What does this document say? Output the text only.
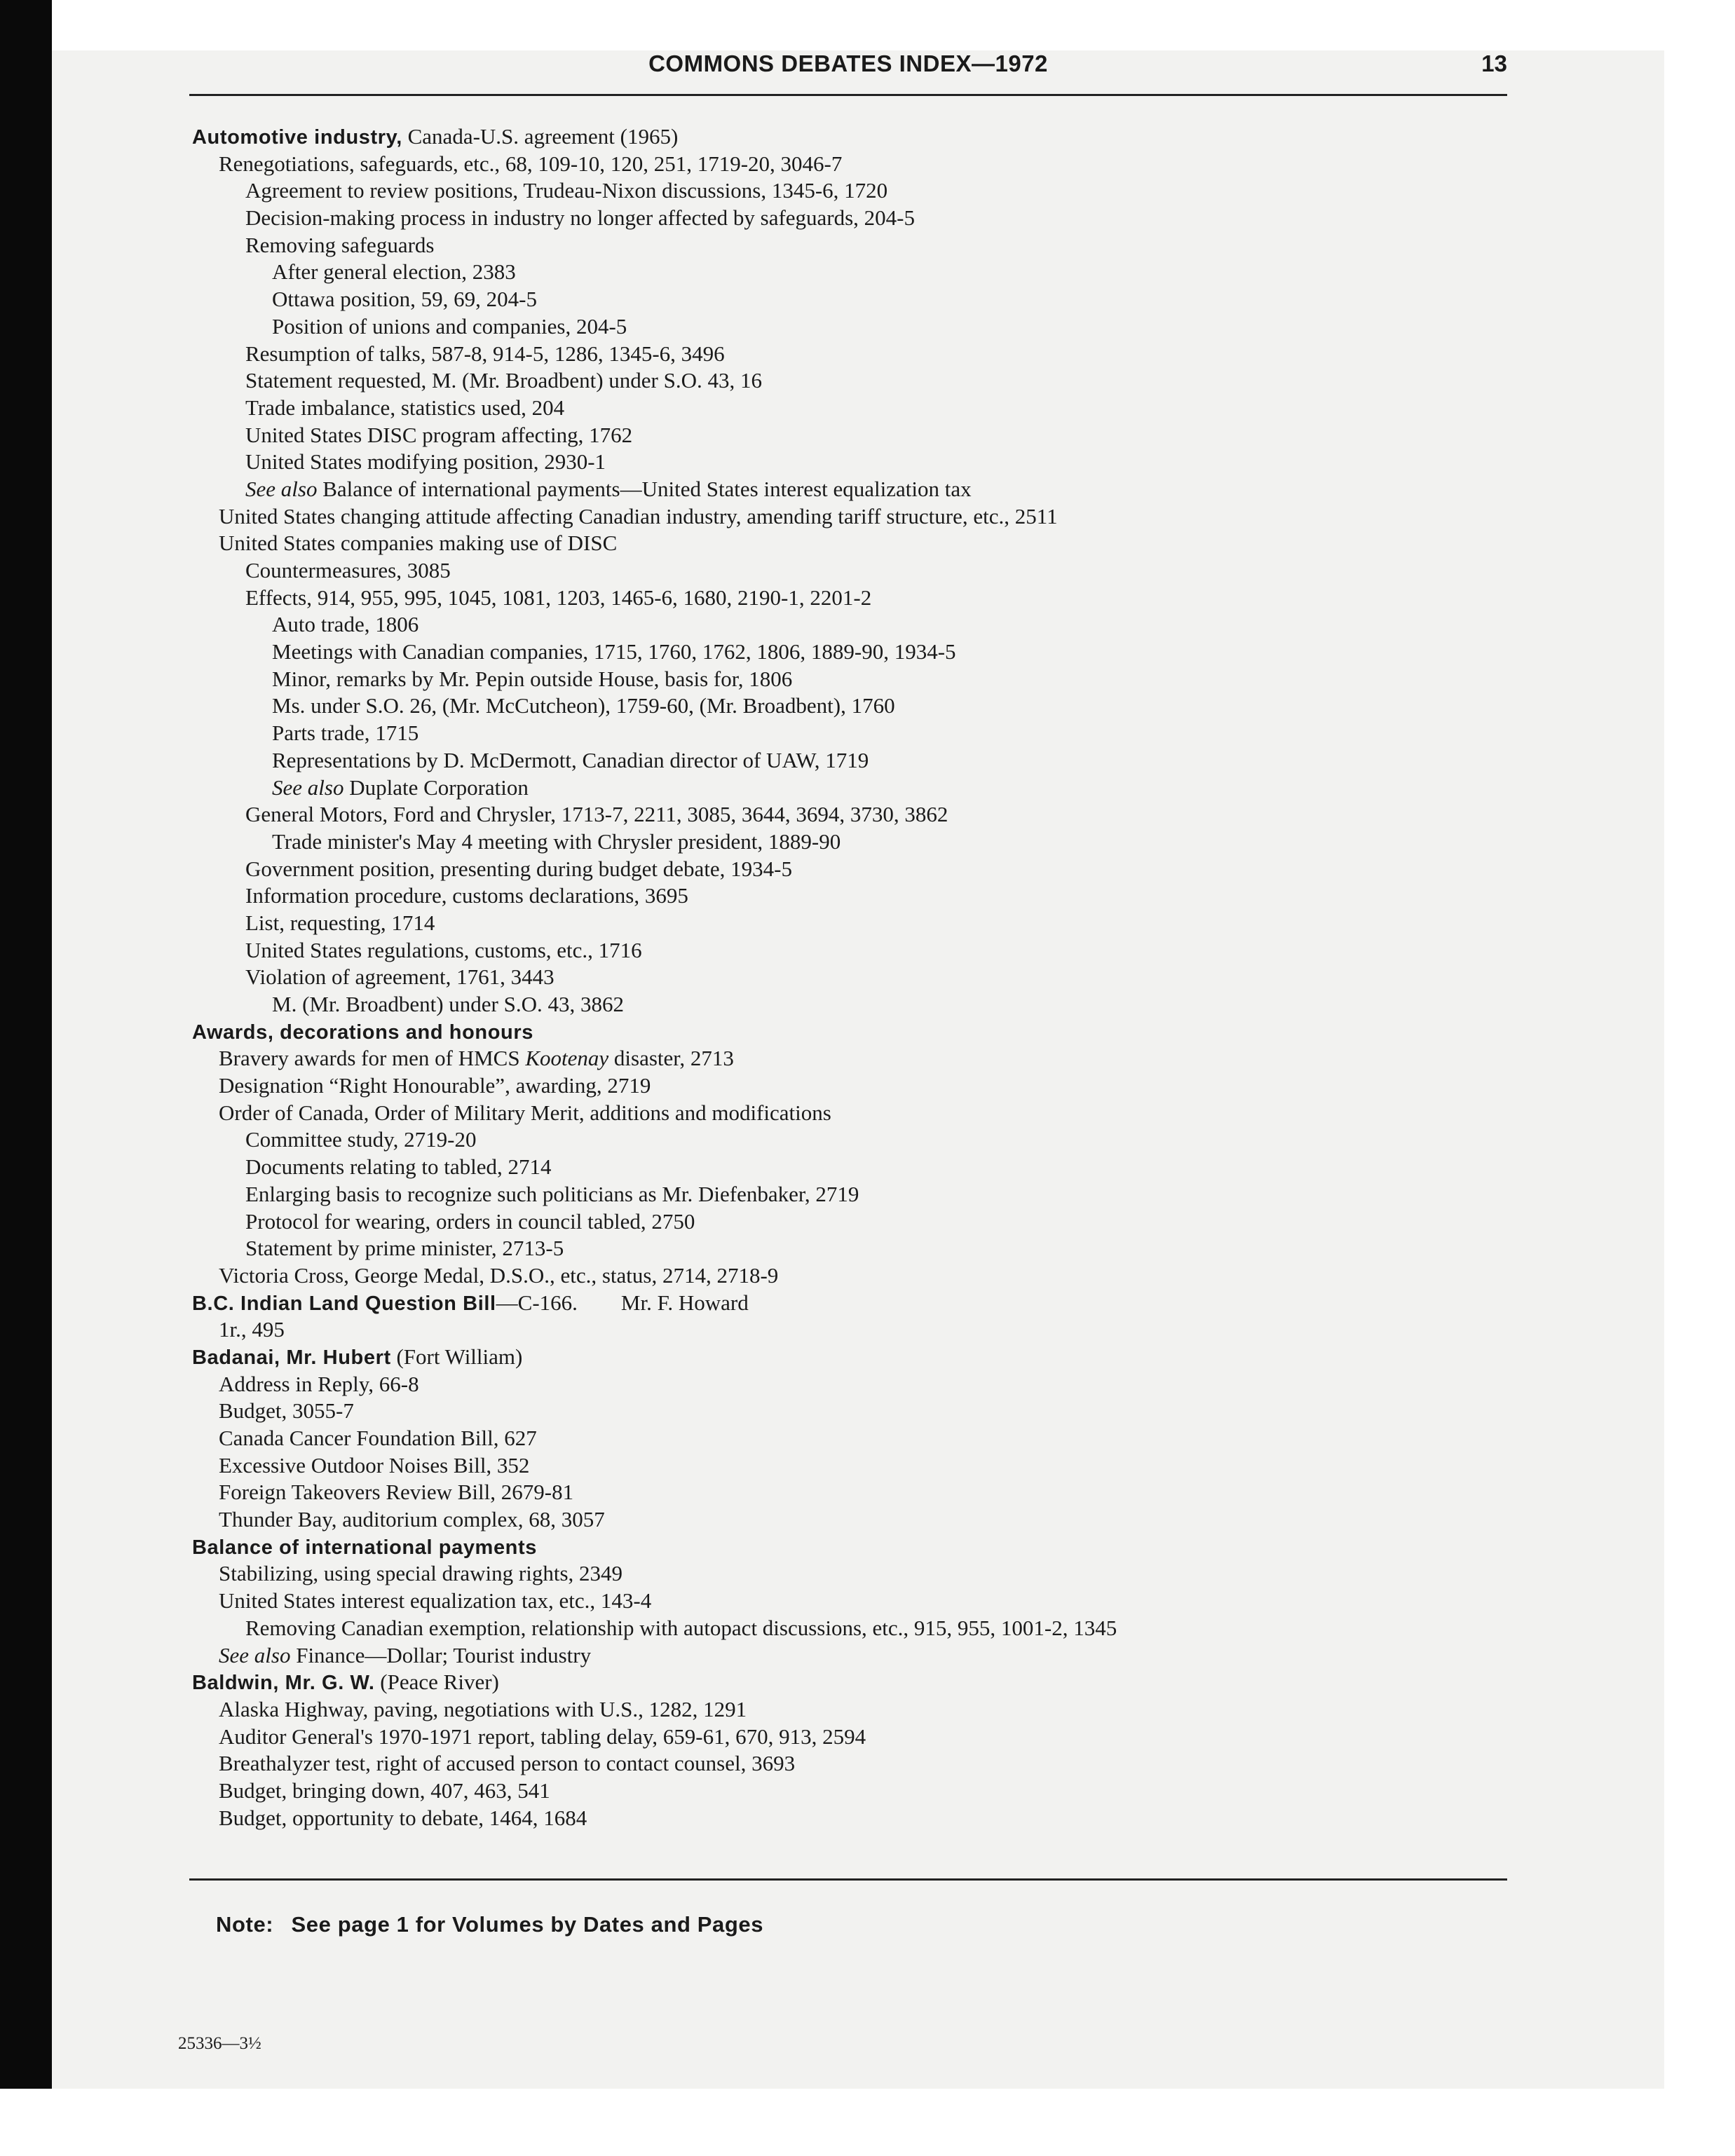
COMMONS DEBATES INDEX—1972	13
Automotive industry, Canada-U.S. agreement (1965)
Renegotiations, safeguards, etc., 68, 109-10, 120, 251, 1719-20, 3046-7
Agreement to review positions, Trudeau-Nixon discussions, 1345-6, 1720
Decision-making process in industry no longer affected by safeguards, 204-5
Removing safeguards
After general election, 2383
Ottawa position, 59, 69, 204-5
Position of unions and companies, 204-5
Resumption of talks, 587-8, 914-5, 1286, 1345-6, 3496
Statement requested, M. (Mr. Broadbent) under S.O. 43, 16
Trade imbalance, statistics used, 204
United States DISC program affecting, 1762
United States modifying position, 2930-1
See also Balance of international payments—United States interest equalization tax
United States changing attitude affecting Canadian industry, amending tariff structure, etc., 2511
United States companies making use of DISC
Countermeasures, 3085
Effects, 914, 955, 995, 1045, 1081, 1203, 1465-6, 1680, 2190-1, 2201-2
Auto trade, 1806
Meetings with Canadian companies, 1715, 1760, 1762, 1806, 1889-90, 1934-5
Minor, remarks by Mr. Pepin outside House, basis for, 1806
Ms. under S.O. 26, (Mr. McCutcheon), 1759-60, (Mr. Broadbent), 1760
Parts trade, 1715
Representations by D. McDermott, Canadian director of UAW, 1719
See also Duplate Corporation
General Motors, Ford and Chrysler, 1713-7, 2211, 3085, 3644, 3694, 3730, 3862
Trade minister's May 4 meeting with Chrysler president, 1889-90
Government position, presenting during budget debate, 1934-5
Information procedure, customs declarations, 3695
List, requesting, 1714
United States regulations, customs, etc., 1716
Violation of agreement, 1761, 3443
M. (Mr. Broadbent) under S.O. 43, 3862
Awards, decorations and honours
Bravery awards for men of HMCS Kootenay disaster, 2713
Designation “Right Honourable”, awarding, 2719
Order of Canada, Order of Military Merit, additions and modifications
Committee study, 2719-20
Documents relating to tabled, 2714
Enlarging basis to recognize such politicians as Mr. Diefenbaker, 2719
Protocol for wearing, orders in council tabled, 2750
Statement by prime minister, 2713-5
Victoria Cross, George Medal, D.S.O., etc., status, 2714, 2718-9
B.C. Indian Land Question Bill—C-166.  Mr. F. Howard
1r., 495
Badanai, Mr. Hubert (Fort William)
Address in Reply, 66-8
Budget, 3055-7
Canada Cancer Foundation Bill, 627
Excessive Outdoor Noises Bill, 352
Foreign Takeovers Review Bill, 2679-81
Thunder Bay, auditorium complex, 68, 3057
Balance of international payments
Stabilizing, using special drawing rights, 2349
United States interest equalization tax, etc., 143-4
Removing Canadian exemption, relationship with autopact discussions, etc., 915, 955, 1001-2, 1345
See also Finance—Dollar; Tourist industry
Baldwin, Mr. G. W. (Peace River)
Alaska Highway, paving, negotiations with U.S., 1282, 1291
Auditor General's 1970-1971 report, tabling delay, 659-61, 670, 913, 2594
Breathalyzer test, right of accused person to contact counsel, 3693
Budget, bringing down, 407, 463, 541
Budget, opportunity to debate, 1464, 1684
Note:  See page 1 for Volumes by Dates and Pages
25336—3½
